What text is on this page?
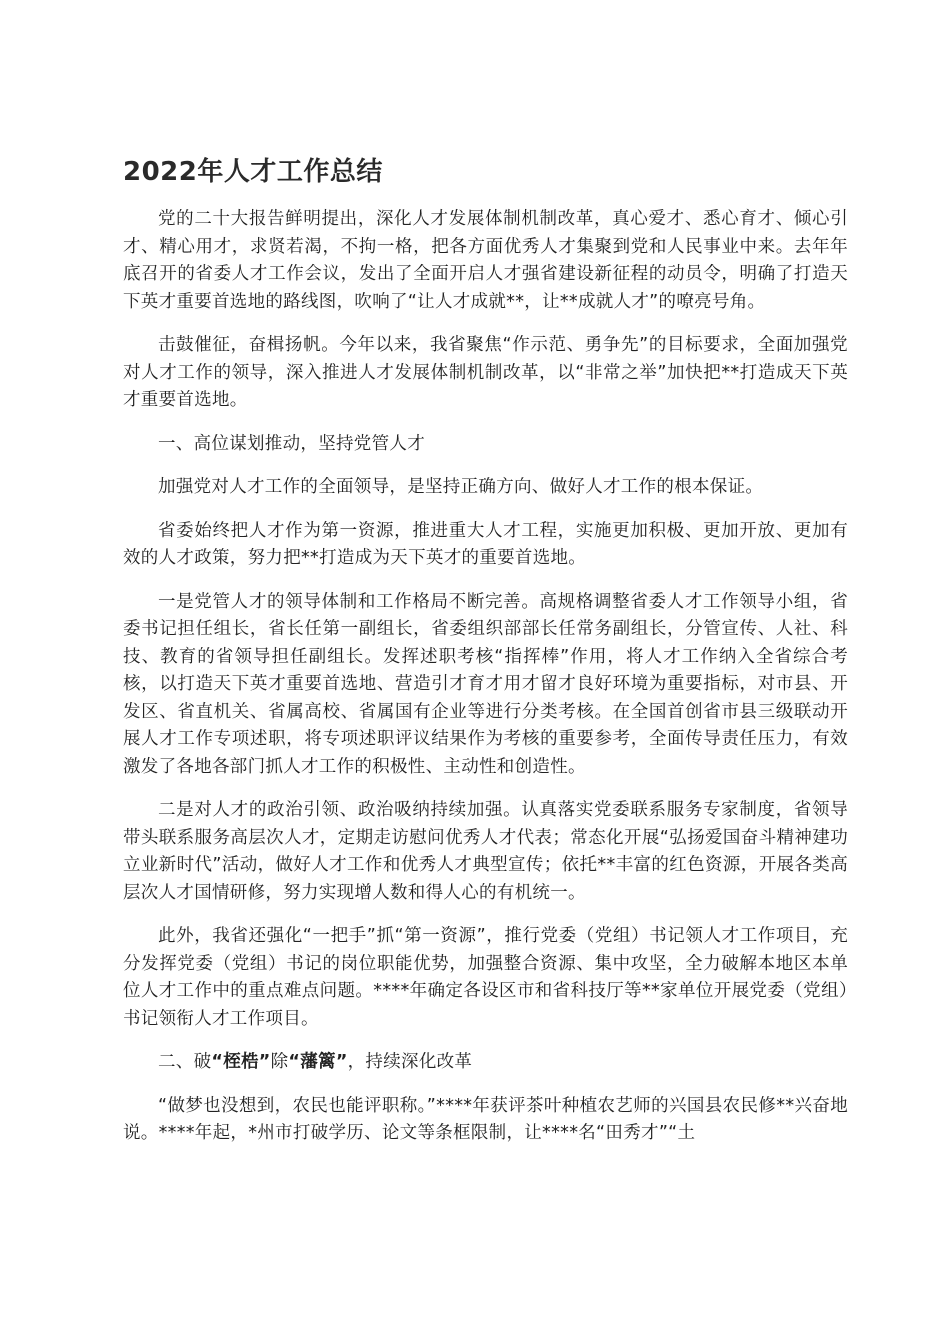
2022年人才工作总结

党的二十大报告鲜明提出，深化人才发展体制机制改革，真心爱才、悉心育才、倾心引才、精心用才，求贤若渴，不拘一格，把各方面优秀人才集聚到党和人民事业中来。去年年底召开的省委人才工作会议，发出了全面开启人才强省建设新征程的动员令，明确了打造天下英才重要首选地的路线图，吹响了“让人才成就**，让**成就人才”的嘹亮号角。

击鼓催征，奋楫扬帆。今年以来，我省聚焦“作示范、勇争先”的目标要求，全面加强党对人才工作的领导，深入推进人才发展体制机制改革，以“非常之举”加快把**打造成天下英才重要首选地。

一、高位谋划推动，坚持党管人才

加强党对人才工作的全面领导，是坚持正确方向、做好人才工作的根本保证。

省委始终把人才作为第一资源，推进重大人才工程，实施更加积极、更加开放、更加有效的人才政策，努力把**打造成为天下英才的重要首选地。

一是党管人才的领导体制和工作格局不断完善。高规格调整省委人才工作领导小组，省委书记担任组长，省长任第一副组长，省委组织部部长任常务副组长，分管宣传、人社、科技、教育的省领导担任副组长。发挥述职考核“指挥棒”作用，将人才工作纳入全省综合考核，以打造天下英才重要首选地、营造引才育才用才留才良好环境为重要指标，对市县、开发区、省直机关、省属高校、省属国有企业等进行分类考核。在全国首创省市县三级联动开展人才工作专项述职，将专项述职评议结果作为考核的重要参考，全面传导责任压力，有效激发了各地各部门抓人才工作的积极性、主动性和创造性。

二是对人才的政治引领、政治吸纳持续加强。认真落实党委联系服务专家制度，省领导带头联系服务高层次人才，定期走访慰问优秀人才代表；常态化开展“弘扬爱国奋斗精神建功立业新时代”活动，做好人才工作和优秀人才典型宣传；依托**丰富的红色资源，开展各类高层次人才国情研修，努力实现增人数和得人心的有机统一。

此外，我省还强化“一把手”抓“第一资源”，推行党委（党组）书记领人才工作项目，充分发挥党委（党组）书记的岗位职能优势，加强整合资源、集中攻坚，全力破解本地区本单位人才工作中的重点难点问题。****年确定各设区市和省科技厅等**家单位开展党委（党组）书记领衔人才工作项目。

二、破“桎梏”除“藩篱”，持续深化改革

“做梦也没想到，农民也能评职称。”****年获评茶叶种植农艺师的兴国县农民修**兴奋地说。****年起，*州市打破学历、论文等条框限制，让****名“田秀才”“土
